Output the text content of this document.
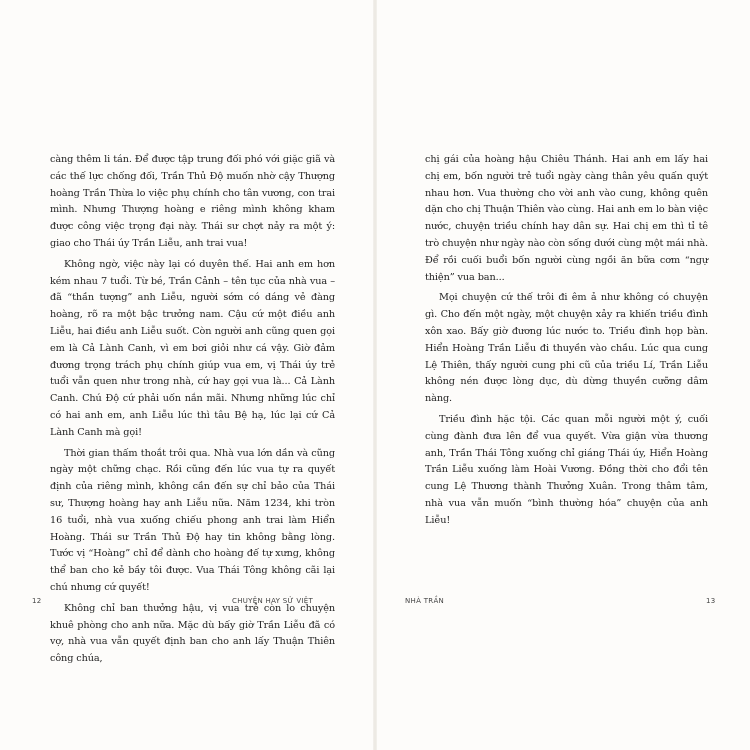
càng thêm li tán. Để được tập trung đối phó với giặc giã và các thế lực chống đối, Trần Thủ Độ muốn nhờ cậy Thượng hoàng Trần Thừa lo việc phụ chính cho tân vương, con trai mình. Nhưng Thượng hoàng e riêng mình không kham được công việc trọng đại này. Thái sư chợt nảy ra một ý: giao cho Thái úy Trần Liễu, anh trai vua!

Không ngờ, việc này lại có duyên thế. Hai anh em hơn kém nhau 7 tuổi. Từ bé, Trần Cảnh – tên tục của nhà vua – đã “thần tượng” anh Liễu, người sớm có dáng vẻ đàng hoàng, rõ ra một bậc trưởng nam. Cậu cứ một điều anh Liễu, hai điều anh Liễu suốt. Còn người anh cũng quen gọi em là Cả Lành Canh, vì em bơi giỏi như cá vậy. Giờ đảm đương trọng trách phụ chính giúp vua em, vị Thái úy trẻ tuổi vẫn quen như trong nhà, cứ hay gọi vua là... Cả Lành Canh. Chú Độ cứ phải uốn nắn mãi. Nhưng những lúc chỉ có hai anh em, anh Liễu lúc thì tâu Bệ hạ, lúc lại cứ Cả Lành Canh mà gọi!

Thời gian thấm thoắt trôi qua. Nhà vua lớn dần và cũng ngày một chững chạc. Rồi cũng đến lúc vua tự ra quyết định của riêng mình, không cần đến sự chỉ bảo của Thái sư, Thượng hoàng hay anh Liễu nữa. Năm 1234, khi tròn 16 tuổi, nhà vua xuống chiếu phong anh trai làm Hiển Hoàng. Thái sư Trần Thủ Độ hay tin không bằng lòng. Tước vị “Hoàng” chỉ để dành cho hoàng đế tự xưng, không thể ban cho kẻ bầy tôi được. Vua Thái Tông không cãi lại chú nhưng cứ quyết!

Không chỉ ban thưởng hậu, vị vua trẻ còn lo chuyện khuê phòng cho anh nữa. Mặc dù bấy giờ Trần Liễu đã có vợ, nhà vua vẫn quyết định ban cho anh lấy Thuận Thiên công chúa,

12	CHUYỆN HAY SỬ VIỆT

chị gái của hoàng hậu Chiêu Thánh. Hai anh em lấy hai chị em, bốn người trẻ tuổi ngày càng thân yêu quấn quýt nhau hơn. Vua thường cho vời anh vào cung, không quên dặn cho chị Thuận Thiên vào cùng. Hai anh em lo bàn việc nước, chuyện triều chính hay dân sự. Hai chị em thì tỉ tê trò chuyện như ngày nào còn sống dưới cùng một mái nhà. Để rồi cuối buổi bốn người cùng ngồi ăn bữa cơm “ngự thiện” vua ban...

Mọi chuyện cứ thế trôi đi êm ả như không có chuyện gì. Cho đến một ngày, một chuyện xảy ra khiến triều đình xôn xao. Bấy giờ đương lúc nước to. Triều đình họp bàn. Hiển Hoàng Trần Liễu đi thuyền vào chầu. Lúc qua cung Lệ Thiên, thấy người cung phi cũ của triều Lí, Trần Liễu không nén được lòng dục, dù dừng thuyền cưỡng dâm nàng.

Triều đình hặc tội. Các quan mỗi người một ý, cuối cùng đành đưa lên để vua quyết. Vừa giận vừa thương anh, Trần Thái Tông xuống chỉ giáng Thái úy, Hiển Hoàng Trần Liễu xuống làm Hoài Vương. Đồng thời cho đổi tên cung Lệ Thương thành Thưởng Xuân. Trong thâm tâm, nhà vua vẫn muốn “bình thường hóa” chuyện của anh Liễu!

NHÀ TRẦN	13
